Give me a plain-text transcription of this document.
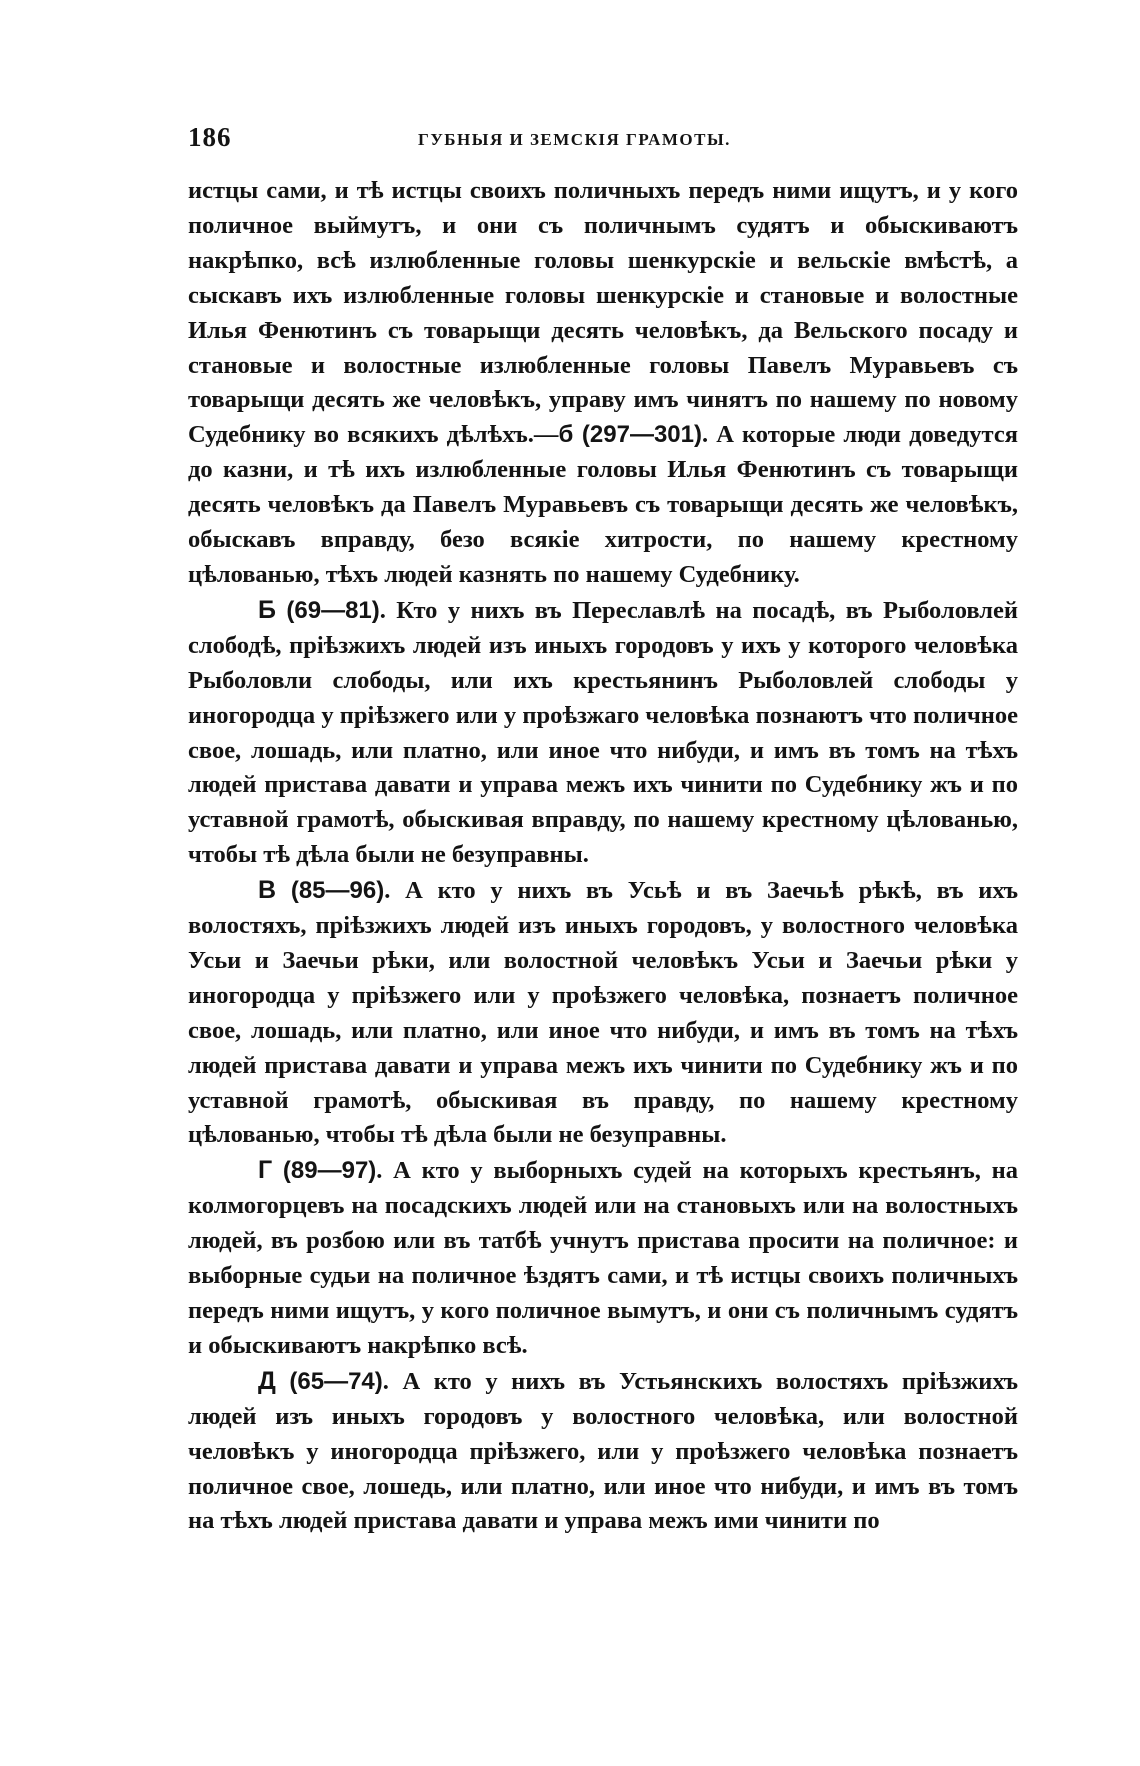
186	ГУБНЫЯ И ЗЕМСКІЯ ГРАМОТЫ.

истцы сами, и тѣ истцы своихъ поличныхъ передъ ними ищутъ, и у кого поличное выймутъ, и они съ поличнымъ судятъ и обыскиваютъ накрѣпко, всѣ излюбленные головы шенкурскіе и вельскіе вмѣстѣ, а сыскавъ ихъ излюбленные головы шенкурскіе и становые и волостные Илья Фенютинъ съ товарыщи десять человѣкъ, да Вельского посаду и становые и волостные излюбленные головы Павелъ Муравьевъ съ товарыщи десять же человѣкъ, управу имъ чинятъ по нашему по новому Судебнику во всякихъ дѣлѣхъ.—б (297—301). А которые люди доведутся до казни, и тѣ ихъ излюбленные головы Илья Фенютинъ съ товарыщи десять человѣкъ да Павелъ Муравьевъ съ товарыщи десять же человѣкъ, обыскавъ вправду, безо всякіе хитрости, по нашему крестному цѣлованью, тѣхъ людей казнять по нашему Судебнику.

Б (69—81). Кто у нихъ въ Переславлѣ на посадѣ, въ Рыболовлей слободѣ, пріѣзжихъ людей изъ иныхъ городовъ у ихъ у которого человѣка Рыболовли слободы, или ихъ крестьянинъ Рыболовлей слободы у иногородца у пріѣзжего или у проѣзжаго человѣка познаютъ что поличное свое, лошадь, или платно, или иное что нибуди, и имъ въ томъ на тѣхъ людей пристава давати и управа межъ ихъ чинити по Судебнику жъ и по уставной грамотѣ, обыскивая вправду, по нашему крестному цѣлованью, чтобы тѣ дѣла были не безуправны.

В (85—96). А кто у нихъ въ Усьѣ и въ Заечьѣ рѣкѣ, въ ихъ волостяхъ, пріѣзжихъ людей изъ иныхъ городовъ, у волостного человѣка Усьи и Заечьи рѣки, или волостной человѣкъ Усьи и Заечьи рѣки у иногородца у пріѣзжего или у проѣзжего человѣка, познаетъ поличное свое, лошадь, или платно, или иное что нибуди, и имъ въ томъ на тѣхъ людей пристава давати и управа межъ ихъ чинити по Судебнику жъ и по уставной грамотѣ, обыскивая въ правду, по нашему крестному цѣлованью, чтобы тѣ дѣла были не безуправны.

Г (89—97). А кто у выборныхъ судей на которыхъ крестьянъ, на колмогорцевъ на посадскихъ людей или на становыхъ или на волостныхъ людей, въ розбою или въ татбѣ учнутъ пристава просити на поличное: и выборные судьи на поличное ѣздятъ сами, и тѣ истцы своихъ поличныхъ передъ ними ищутъ, у кого поличное вымутъ, и они съ поличнымъ судятъ и обыскиваютъ накрѣпко всѣ.

Д (65—74). А кто у нихъ въ Устьянскихъ волостяхъ пріѣзжихъ людей изъ иныхъ городовъ у волостного человѣка, или волостной человѣкъ у иногородца пріѣзжего, или у проѣзжего человѣка познаетъ поличное свое, лошедь, или платно, или иное что нибуди, и имъ въ томъ на тѣхъ людей пристава давати и управа межъ ими чинити по
